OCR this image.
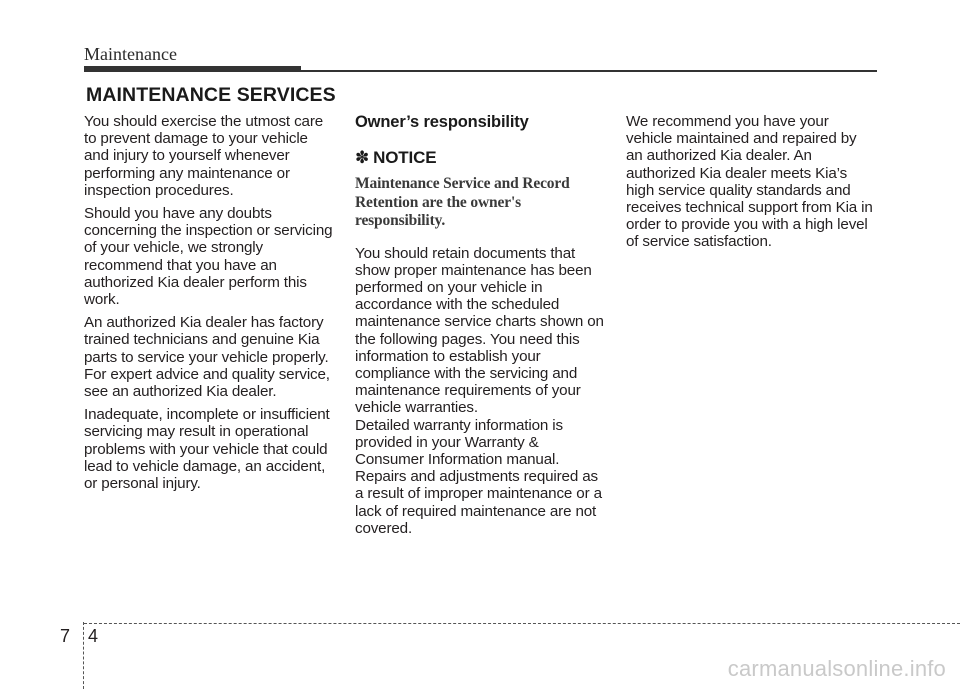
Maintenance
MAINTENANCE SERVICES

You should exercise the utmost care to prevent damage to your vehicle and injury to yourself whenever performing any maintenance or inspection procedures.

Should you have any doubts concerning the inspection or servicing of your vehicle, we strongly recommend that you have an authorized Kia dealer perform this work.

An authorized Kia dealer has factory trained technicians and genuine Kia parts to service your vehicle properly. For expert advice and quality service, see an authorized Kia dealer.

Inadequate, incomplete or insufficient servicing may result in operational problems with your vehicle that could lead to vehicle damage, an accident, or personal injury.

Owner’s responsibility
✽ NOTICE
Maintenance Service and Record Retention are the owner's responsibility.

You should retain documents that show proper maintenance has been performed on your vehicle in accordance with the scheduled maintenance service charts shown on the following pages. You need this information to establish your compliance with the servicing and maintenance requirements of your vehicle warranties.

Detailed warranty information is provided in your Warranty & Consumer Information manual.

Repairs and adjustments required as a result of improper maintenance or a lack of required maintenance are not covered.

We recommend you have your vehicle maintained and repaired by an authorized Kia dealer. An authorized Kia dealer meets Kia’s high service quality standards and receives technical support from Kia in order to provide you with a high level of service satisfaction.

7 4
carmanualsonline.info
